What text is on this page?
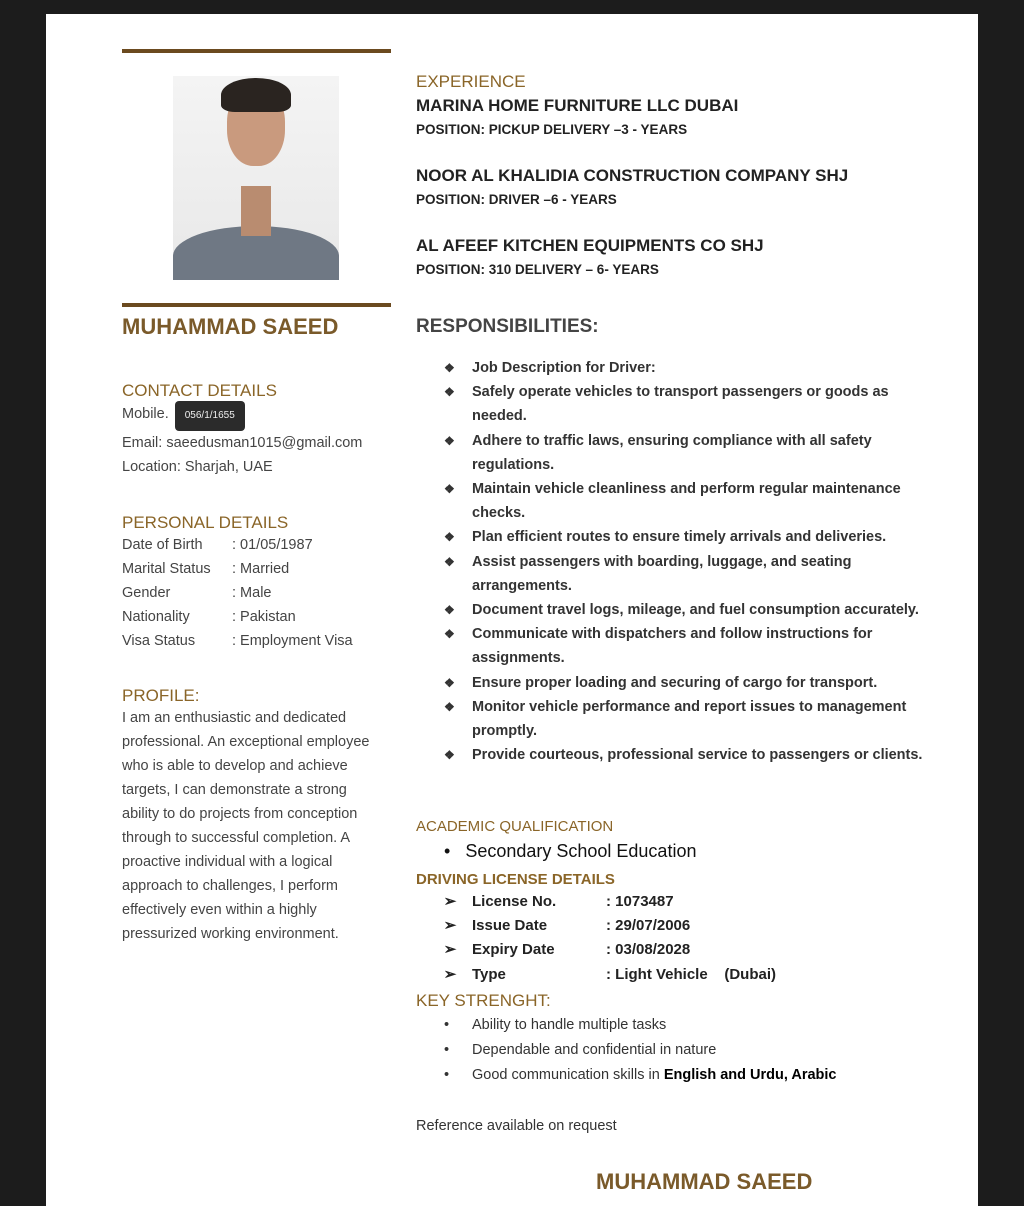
MUHAMMAD SAEED
CONTACT DETAILS
Mobile. 056/1/1655
Email: saeedusman1015@gmail.com
Location: Sharjah, UAE
PERSONAL DETAILS
Date of Birth	: 01/05/1987
Marital Status	: Married
Gender	: Male
Nationality	: Pakistan
Visa Status	: Employment Visa
PROFILE:
I am an enthusiastic and dedicated professional. An exceptional employee who is able to develop and achieve targets, I can demonstrate a strong ability to do projects from conception through to successful completion. A proactive individual with a logical approach to challenges, I perform effectively even within a highly pressurized working environment.
EXPERIENCE
MARINA HOME FURNITURE LLC DUBAI
POSITION: PICKUP DELIVERY –3 - YEARS
NOOR AL KHALIDIA CONSTRUCTION COMPANY SHJ
POSITION: DRIVER –6 - YEARS
AL AFEEF KITCHEN EQUIPMENTS CO SHJ
POSITION: 310 DELIVERY – 6- YEARS
RESPONSIBILITIES:
❖ Job Description for Driver:
❖ Safely operate vehicles to transport passengers or goods as needed.
❖ Adhere to traffic laws, ensuring compliance with all safety regulations.
❖ Maintain vehicle cleanliness and perform regular maintenance checks.
❖ Plan efficient routes to ensure timely arrivals and deliveries.
❖ Assist passengers with boarding, luggage, and seating arrangements.
❖ Document travel logs, mileage, and fuel consumption accurately.
❖ Communicate with dispatchers and follow instructions for assignments.
❖ Ensure proper loading and securing of cargo for transport.
❖ Monitor vehicle performance and report issues to management promptly.
❖ Provide courteous, professional service to passengers or clients.
ACADEMIC QUALIFICATION
•   Secondary School Education
DRIVING LICENSE DETAILS
➢	License No.	: 1073487
➢	Issue Date	: 29/07/2006
➢	Expiry Date	: 03/08/2028
➢	Type	: Light Vehicle    (Dubai)
KEY STRENGHT:
• Ability to handle multiple tasks
• Dependable and confidential in nature
• Good communication skills in English and Urdu, Arabic
Reference available on request
MUHAMMAD SAEED
